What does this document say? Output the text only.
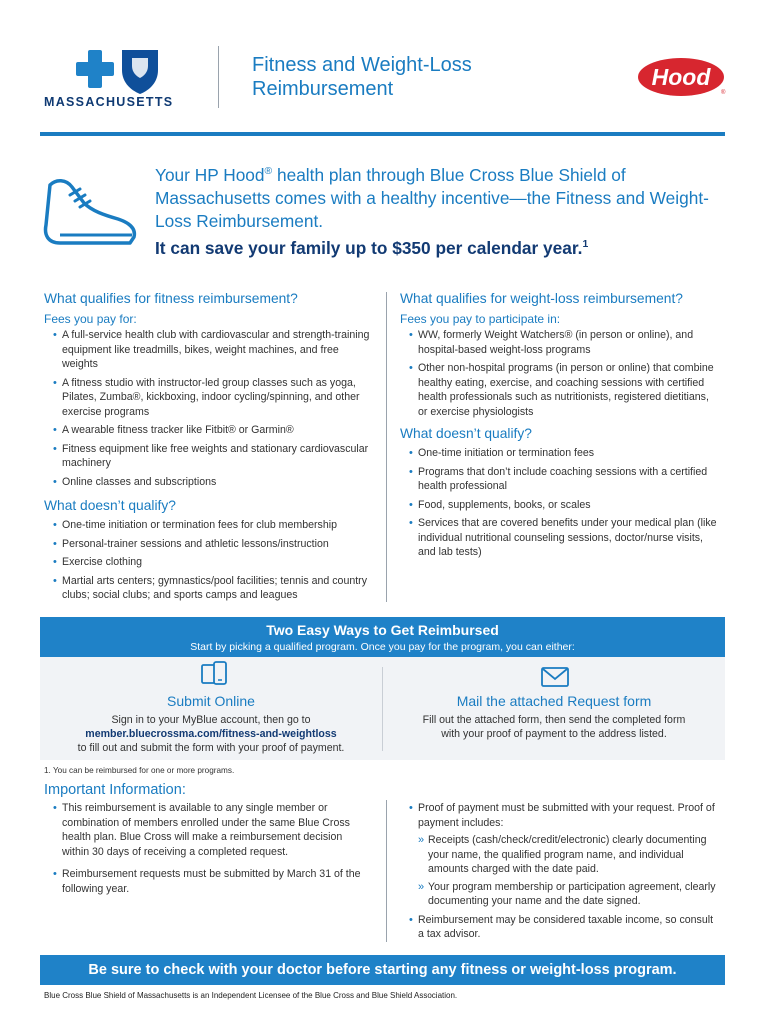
MASSACHUSETTS
Fitness and Weight-Loss Reimbursement	Hood
®
Your HP Hood® health plan through Blue Cross Blue Shield of Massachusetts comes with a healthy incentive—the Fitness and Weight-Loss Reimbursement.
It can save your family up to $350 per calendar year.$^1$
What qualifies for fitness reimbursement?
Fees you pay for:
• A full-service health club with cardiovascular and strength-training equipment like treadmills, bikes, weight machines, and free weights
• A fitness studio with instructor-led group classes such as yoga, Pilates, Zumba®, kickboxing, indoor cycling/spinning, and other exercise programs
• A wearable fitness tracker like Fitbit® or Garmin®
• Fitness equipment like free weights and stationary cardiovascular machinery
• Online classes and subscriptions
What doesn’t qualify?
• One-time initiation or termination fees for club membership
• Personal-trainer sessions and athletic lessons/instruction
• Exercise clothing
• Martial arts centers; gymnastics/pool facilities; tennis and country clubs; social clubs; and sports camps and leagues
What qualifies for weight-loss reimbursement?
Fees you pay to participate in:
• WW, formerly Weight Watchers® (in person or online), and hospital-based weight-loss programs
• Other non-hospital programs (in person or online) that combine healthy eating, exercise, and coaching sessions with certified health professionals such as nutritionists, registered dietitians, or exercise physiologists
What doesn’t qualify?
• One-time initiation or termination fees
• Programs that don’t include coaching sessions with a certified health professional
• Food, supplements, books, or scales
• Services that are covered benefits under your medical plan (like individual nutritional counseling sessions, doctor/nurse visits, and lab tests)
Two Easy Ways to Get Reimbursed
Start by picking a qualified program. Once you pay for the program, you can either:
Submit Online
Sign in to your MyBlue account, then go to
member.bluecrossma.com/fitness-and-weightloss
to fill out and submit the form with your proof of payment.
Mail the attached Request form
Fill out the attached form, then send the completed form with your proof of payment to the address listed.
1. You can be reimbursed for one or more programs.
Important Information:
• This reimbursement is available to any single member or combination of members enrolled under the same Blue Cross health plan. Blue Cross will make a reimbursement decision within 30 days of receiving a completed request.
• Reimbursement requests must be submitted by March 31 of the following year.
• Proof of payment must be submitted with your request. Proof of payment includes:
» Receipts (cash/check/credit/electronic) clearly documenting your name, the qualified program name, and individual amounts charged with the date paid.
» Your program membership or participation agreement, clearly documenting your name and the date signed.
• Reimbursement may be considered taxable income, so consult a tax advisor.
Be sure to check with your doctor before starting any fitness or weight-loss program.
Blue Cross Blue Shield of Massachusetts is an Independent Licensee of the Blue Cross and Blue Shield Association.
